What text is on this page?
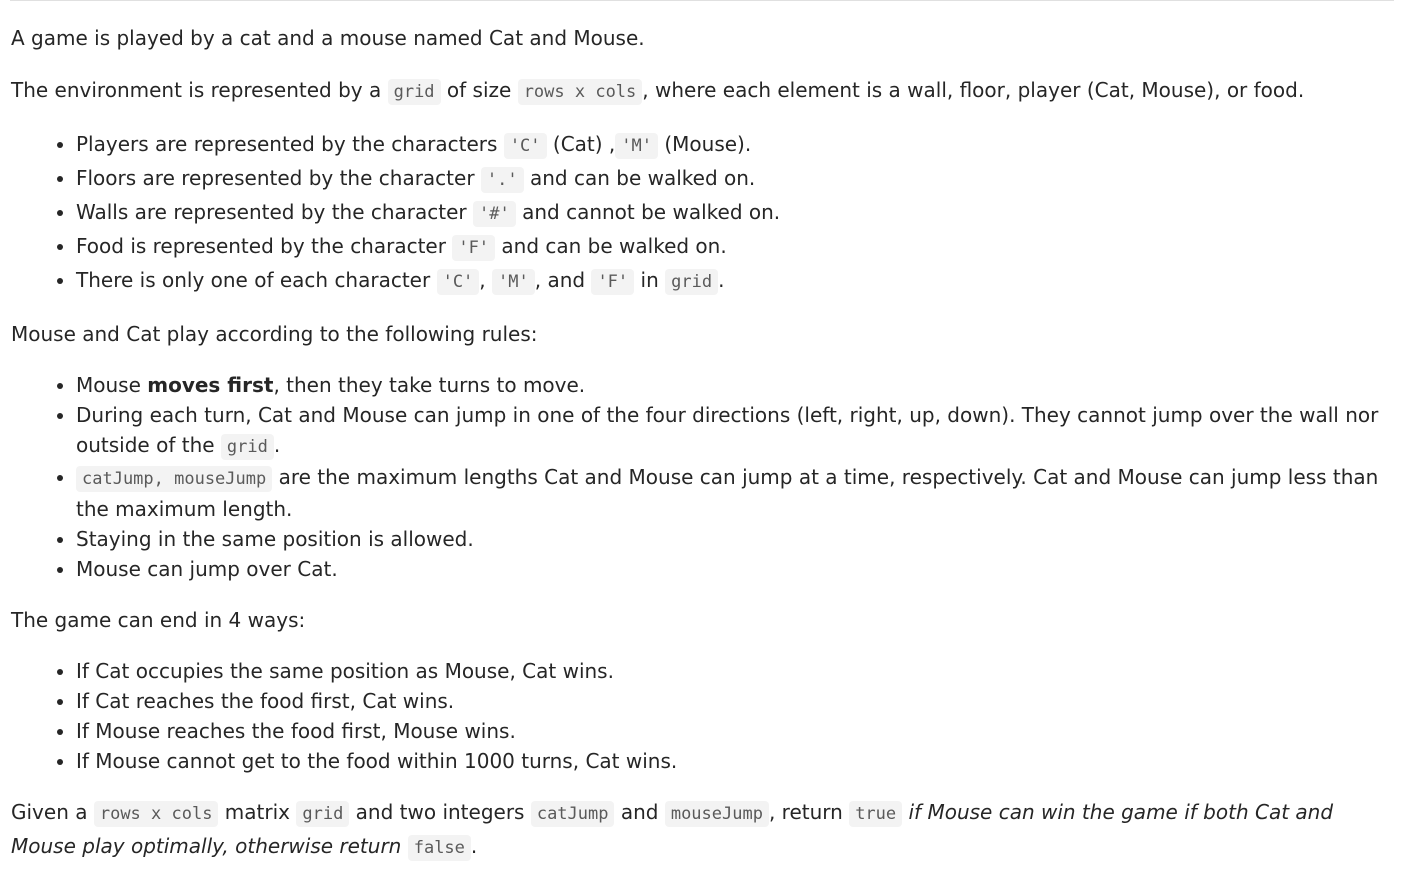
A game is played by a cat and a mouse named Cat and Mouse.

The environment is represented by a grid of size rows x cols , where each element is a wall, floor, player (Cat, Mouse), or food.

• Players are represented by the characters 'C' (Cat) , 'M' (Mouse).
• Floors are represented by the character '.' and can be walked on.
• Walls are represented by the character '#' and cannot be walked on.
• Food is represented by the character 'F' and can be walked on.
• There is only one of each character 'C' , 'M' , and 'F' in grid .

Mouse and Cat play according to the following rules:

• Mouse moves first, then they take turns to move.
• During each turn, Cat and Mouse can jump in one of the four directions (left, right, up, down). They cannot jump over the wall nor outside of the grid .
• catJump, mouseJump are the maximum lengths Cat and Mouse can jump at a time, respectively. Cat and Mouse can jump less than the maximum length.
• Staying in the same position is allowed.
• Mouse can jump over Cat.

The game can end in 4 ways:

• If Cat occupies the same position as Mouse, Cat wins.
• If Cat reaches the food first, Cat wins.
• If Mouse reaches the food first, Mouse wins.
• If Mouse cannot get to the food within 1000 turns, Cat wins.

Given a rows x cols matrix grid and two integers catJump and mouseJump , return true if Mouse can win the game if both Cat and Mouse play optimally, otherwise return false .
